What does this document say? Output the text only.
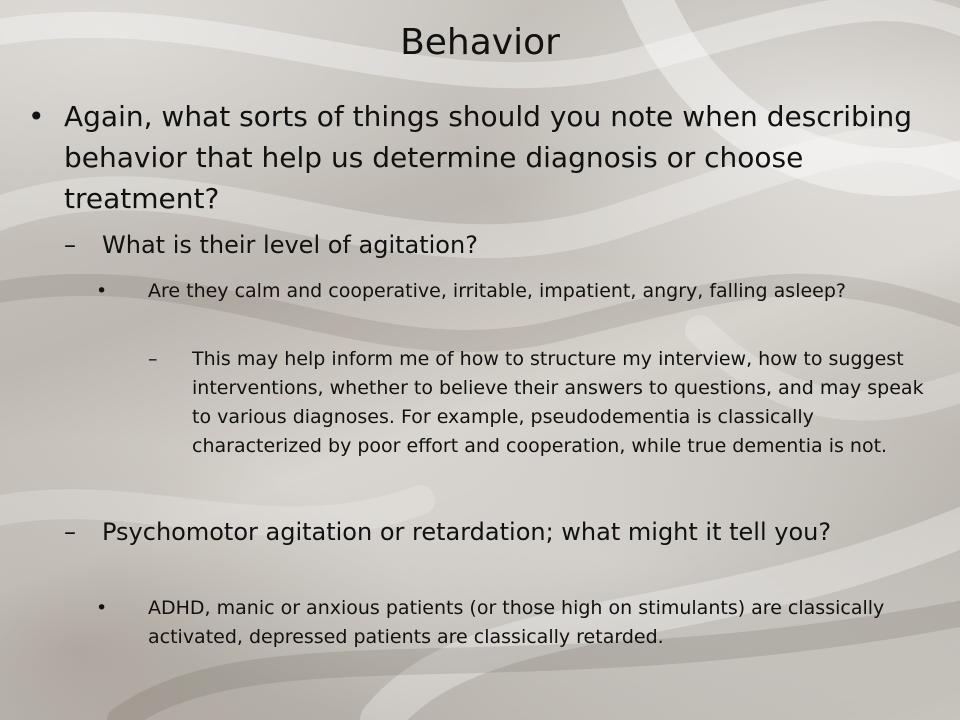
Behavior
• Again, what sorts of things should you note when describing behavior that help us determine diagnosis or choose treatment?
–	What is their level of agitation?
•	Are they calm and cooperative, irritable, impatient, angry, falling asleep?
–	This may help inform me of how to structure my interview, how to suggest interventions, whether to believe their answers to questions, and may speak to various diagnoses. For example, pseudodementia is classically characterized by poor effort and cooperation, while true dementia is not.
–	Psychomotor agitation or retardation; what might it tell you?
•	ADHD, manic or anxious patients (or those high on stimulants) are classically activated, depressed patients are classically retarded.
